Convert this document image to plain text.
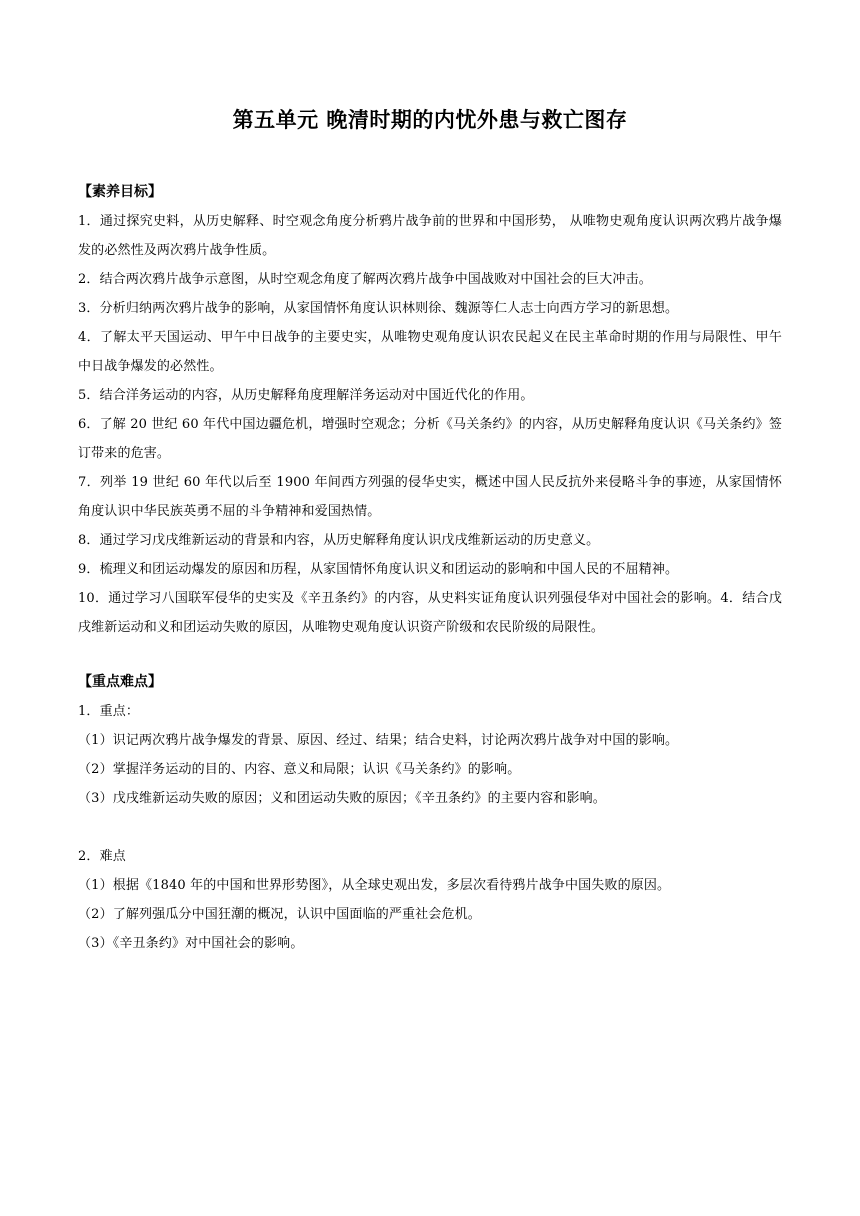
第五单元 晚清时期的内忧外患与救亡图存
【素养目标】
1．通过探究史料，从历史解释、时空观念角度分析鸦片战争前的世界和中国形势， 从唯物史观角度认识两次鸦片战争爆发的必然性及两次鸦片战争性质。
2．结合两次鸦片战争示意图，从时空观念角度了解两次鸦片战争中国战败对中国社会的巨大冲击。
3．分析归纳两次鸦片战争的影响，从家国情怀角度认识林则徐、魏源等仁人志士向西方学习的新思想。
4．了解太平天国运动、甲午中日战争的主要史实，从唯物史观角度认识农民起义在民主革命时期的作用与局限性、甲午中日战争爆发的必然性。
5．结合洋务运动的内容，从历史解释角度理解洋务运动对中国近代化的作用。
6．了解 20 世纪 60 年代中国边疆危机，增强时空观念；分析《马关条约》的内容，从历史解释角度认识《马关条约》签订带来的危害。
7．列举 19 世纪 60 年代以后至 1900 年间西方列强的侵华史实，概述中国人民反抗外来侵略斗争的事迹，从家国情怀角度认识中华民族英勇不屈的斗争精神和爱国热情。
8．通过学习戊戌维新运动的背景和内容，从历史解释角度认识戊戌维新运动的历史意义。
9．梳理义和团运动爆发的原因和历程，从家国情怀角度认识义和团运动的影响和中国人民的不屈精神。
10．通过学习八国联军侵华的史实及《辛丑条约》的内容，从史料实证角度认识列强侵华对中国社会的影响。4．结合戊戌维新运动和义和团运动失败的原因，从唯物史观角度认识资产阶级和农民阶级的局限性。
【重点难点】
1．重点：
（1）识记两次鸦片战争爆发的背景、原因、经过、结果；结合史料，讨论两次鸦片战争对中国的影响。
（2）掌握洋务运动的目的、内容、意义和局限；认识《马关条约》的影响。
（3）戊戌维新运动失败的原因；义和团运动失败的原因；《辛丑条约》的主要内容和影响。
2．难点
（1）根据《1840 年的中国和世界形势图》，从全球史观出发，多层次看待鸦片战争中国失败的原因。
（2）了解列强瓜分中国狂潮的概况，认识中国面临的严重社会危机。
（3）《辛丑条约》对中国社会的影响。
